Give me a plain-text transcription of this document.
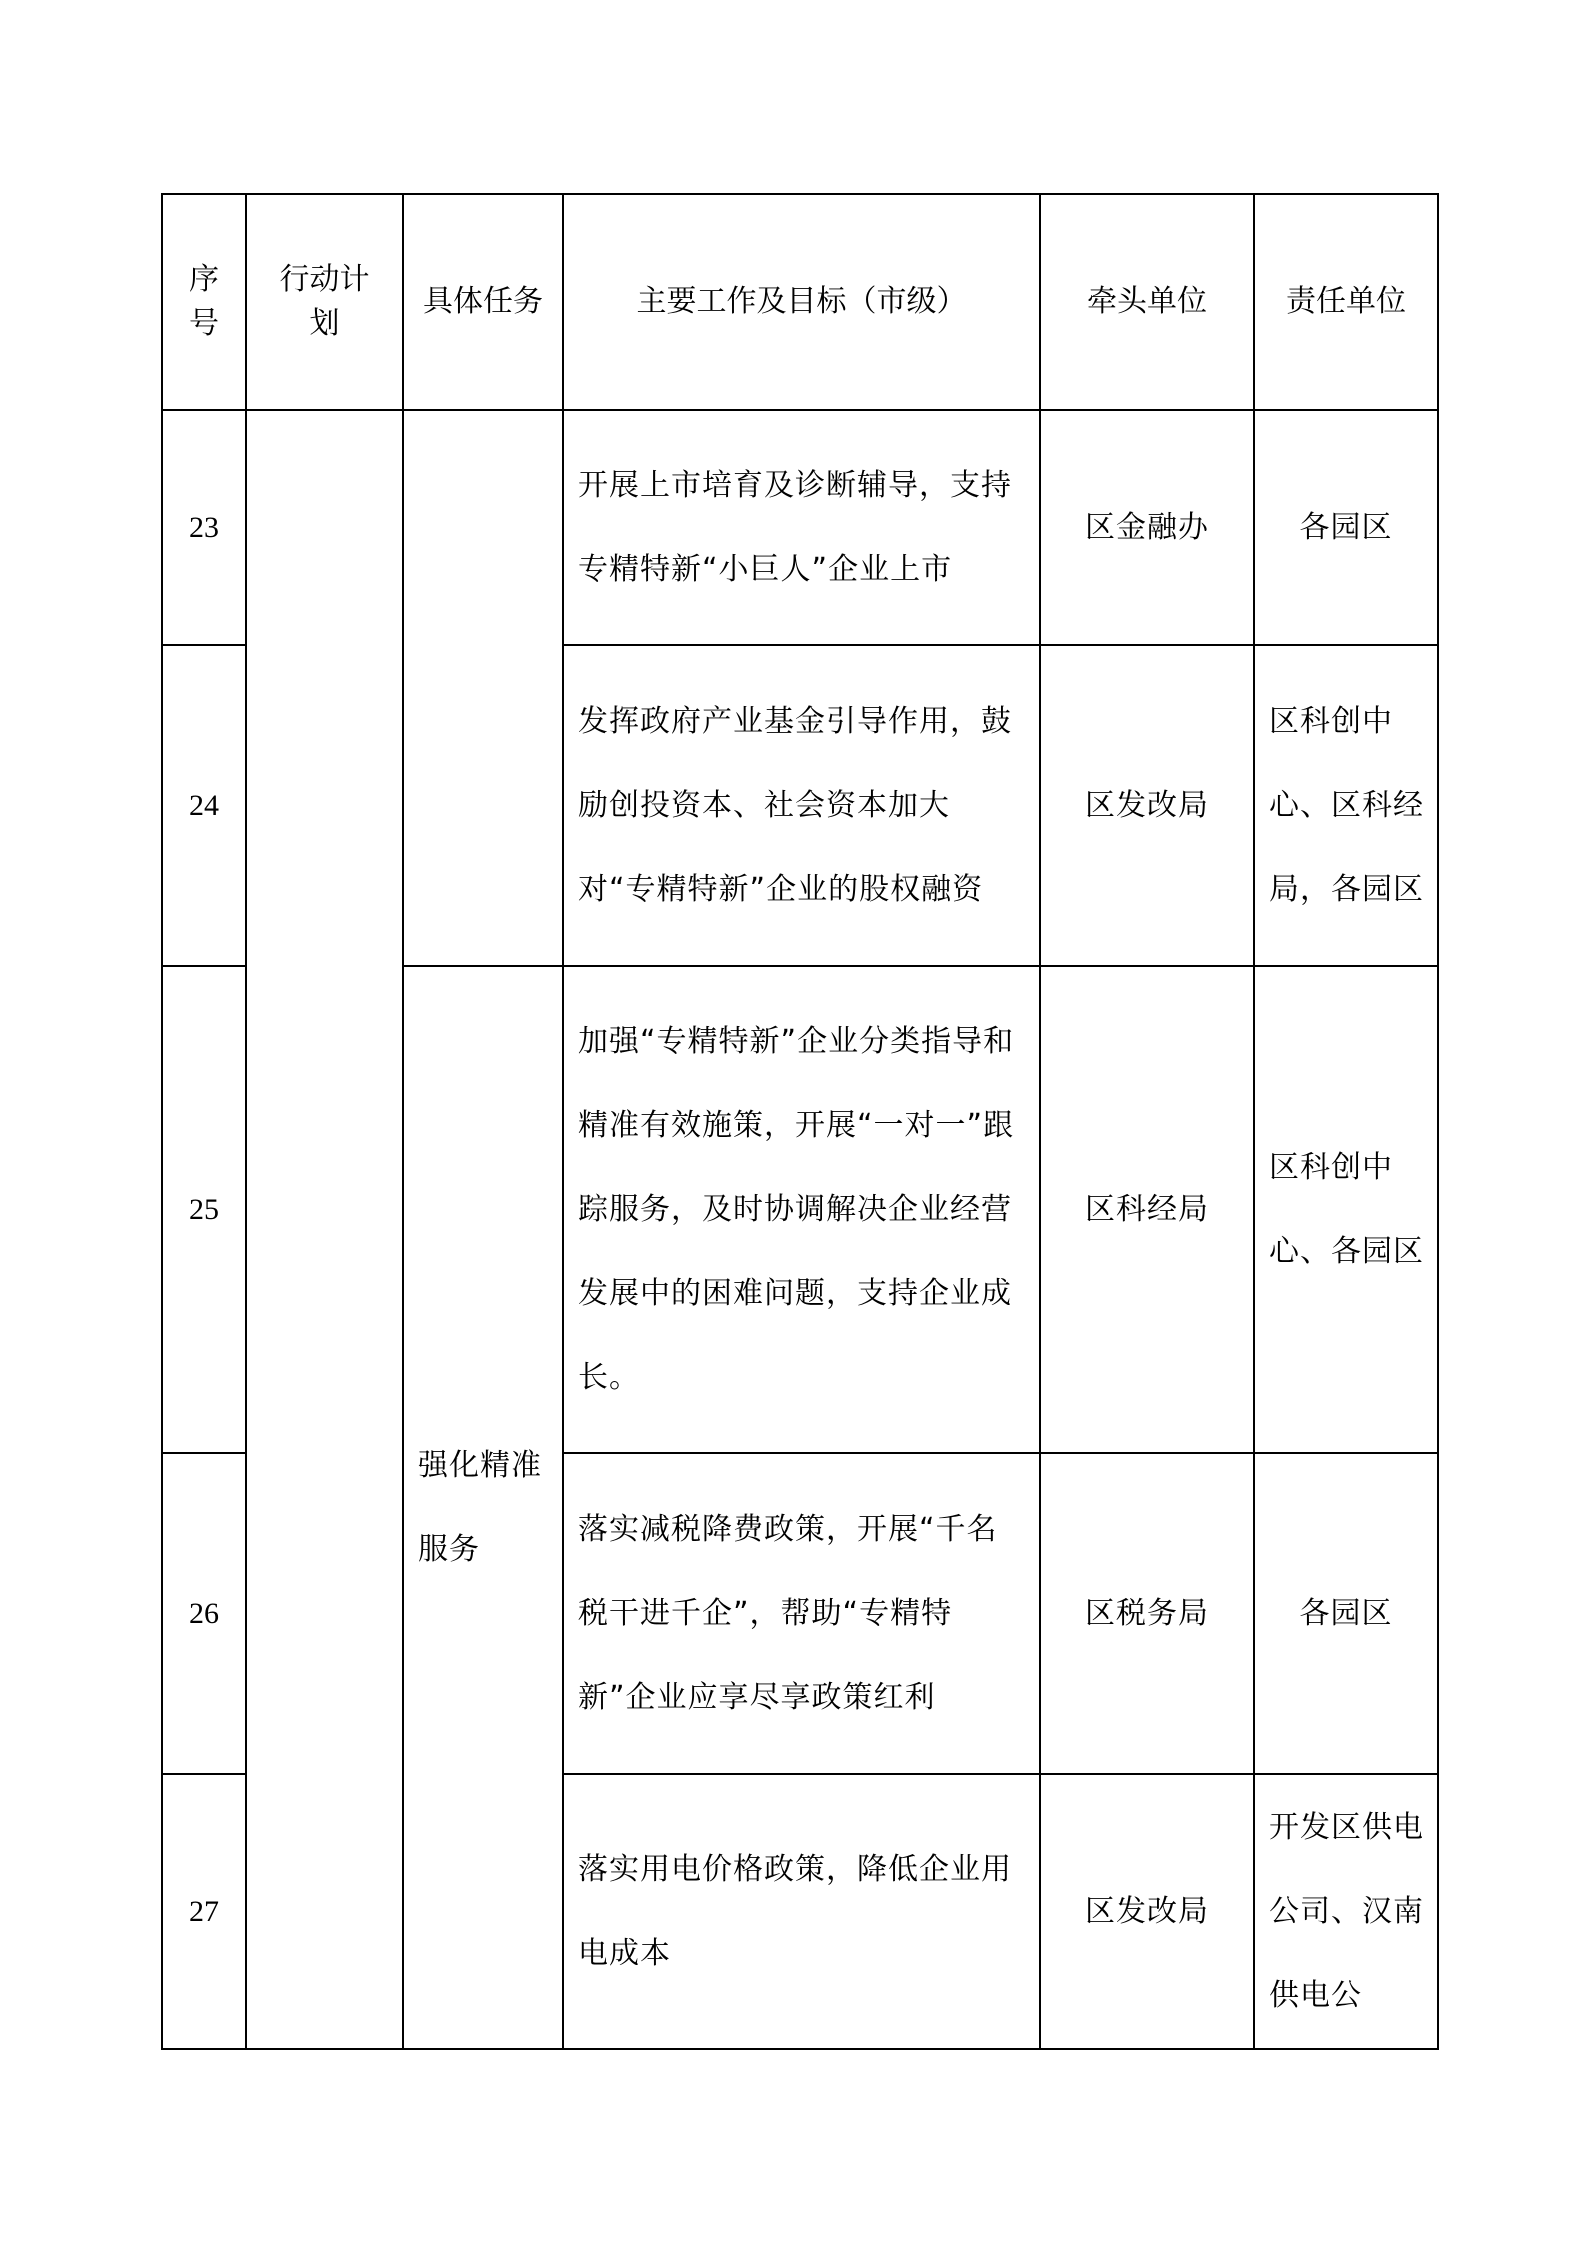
序号	行动计划	具体任务	主要工作及目标（市级）	牵头单位	责任单位
23			开展上市培育及诊断辅导，支持专精特新“小巨人”企业上市	区金融办	各园区
24			发挥政府产业基金引导作用，鼓励创投资本、社会资本加大对“专精特新”企业的股权融资	区发改局	区科创中心、区科经局，各园区
25		强化精准服务	加强“专精特新”企业分类指导和精准有效施策，开展“一对一”跟踪服务，及时协调解决企业经营发展中的困难问题，支持企业成长。	区科经局	区科创中心、各园区
26			落实减税降费政策，开展“千名税干进千企”，帮助“专精特新”企业应享尽享政策红利	区税务局	各园区
27			落实用电价格政策，降低企业用电成本	区发改局	开发区供电公司、汉南供电公
